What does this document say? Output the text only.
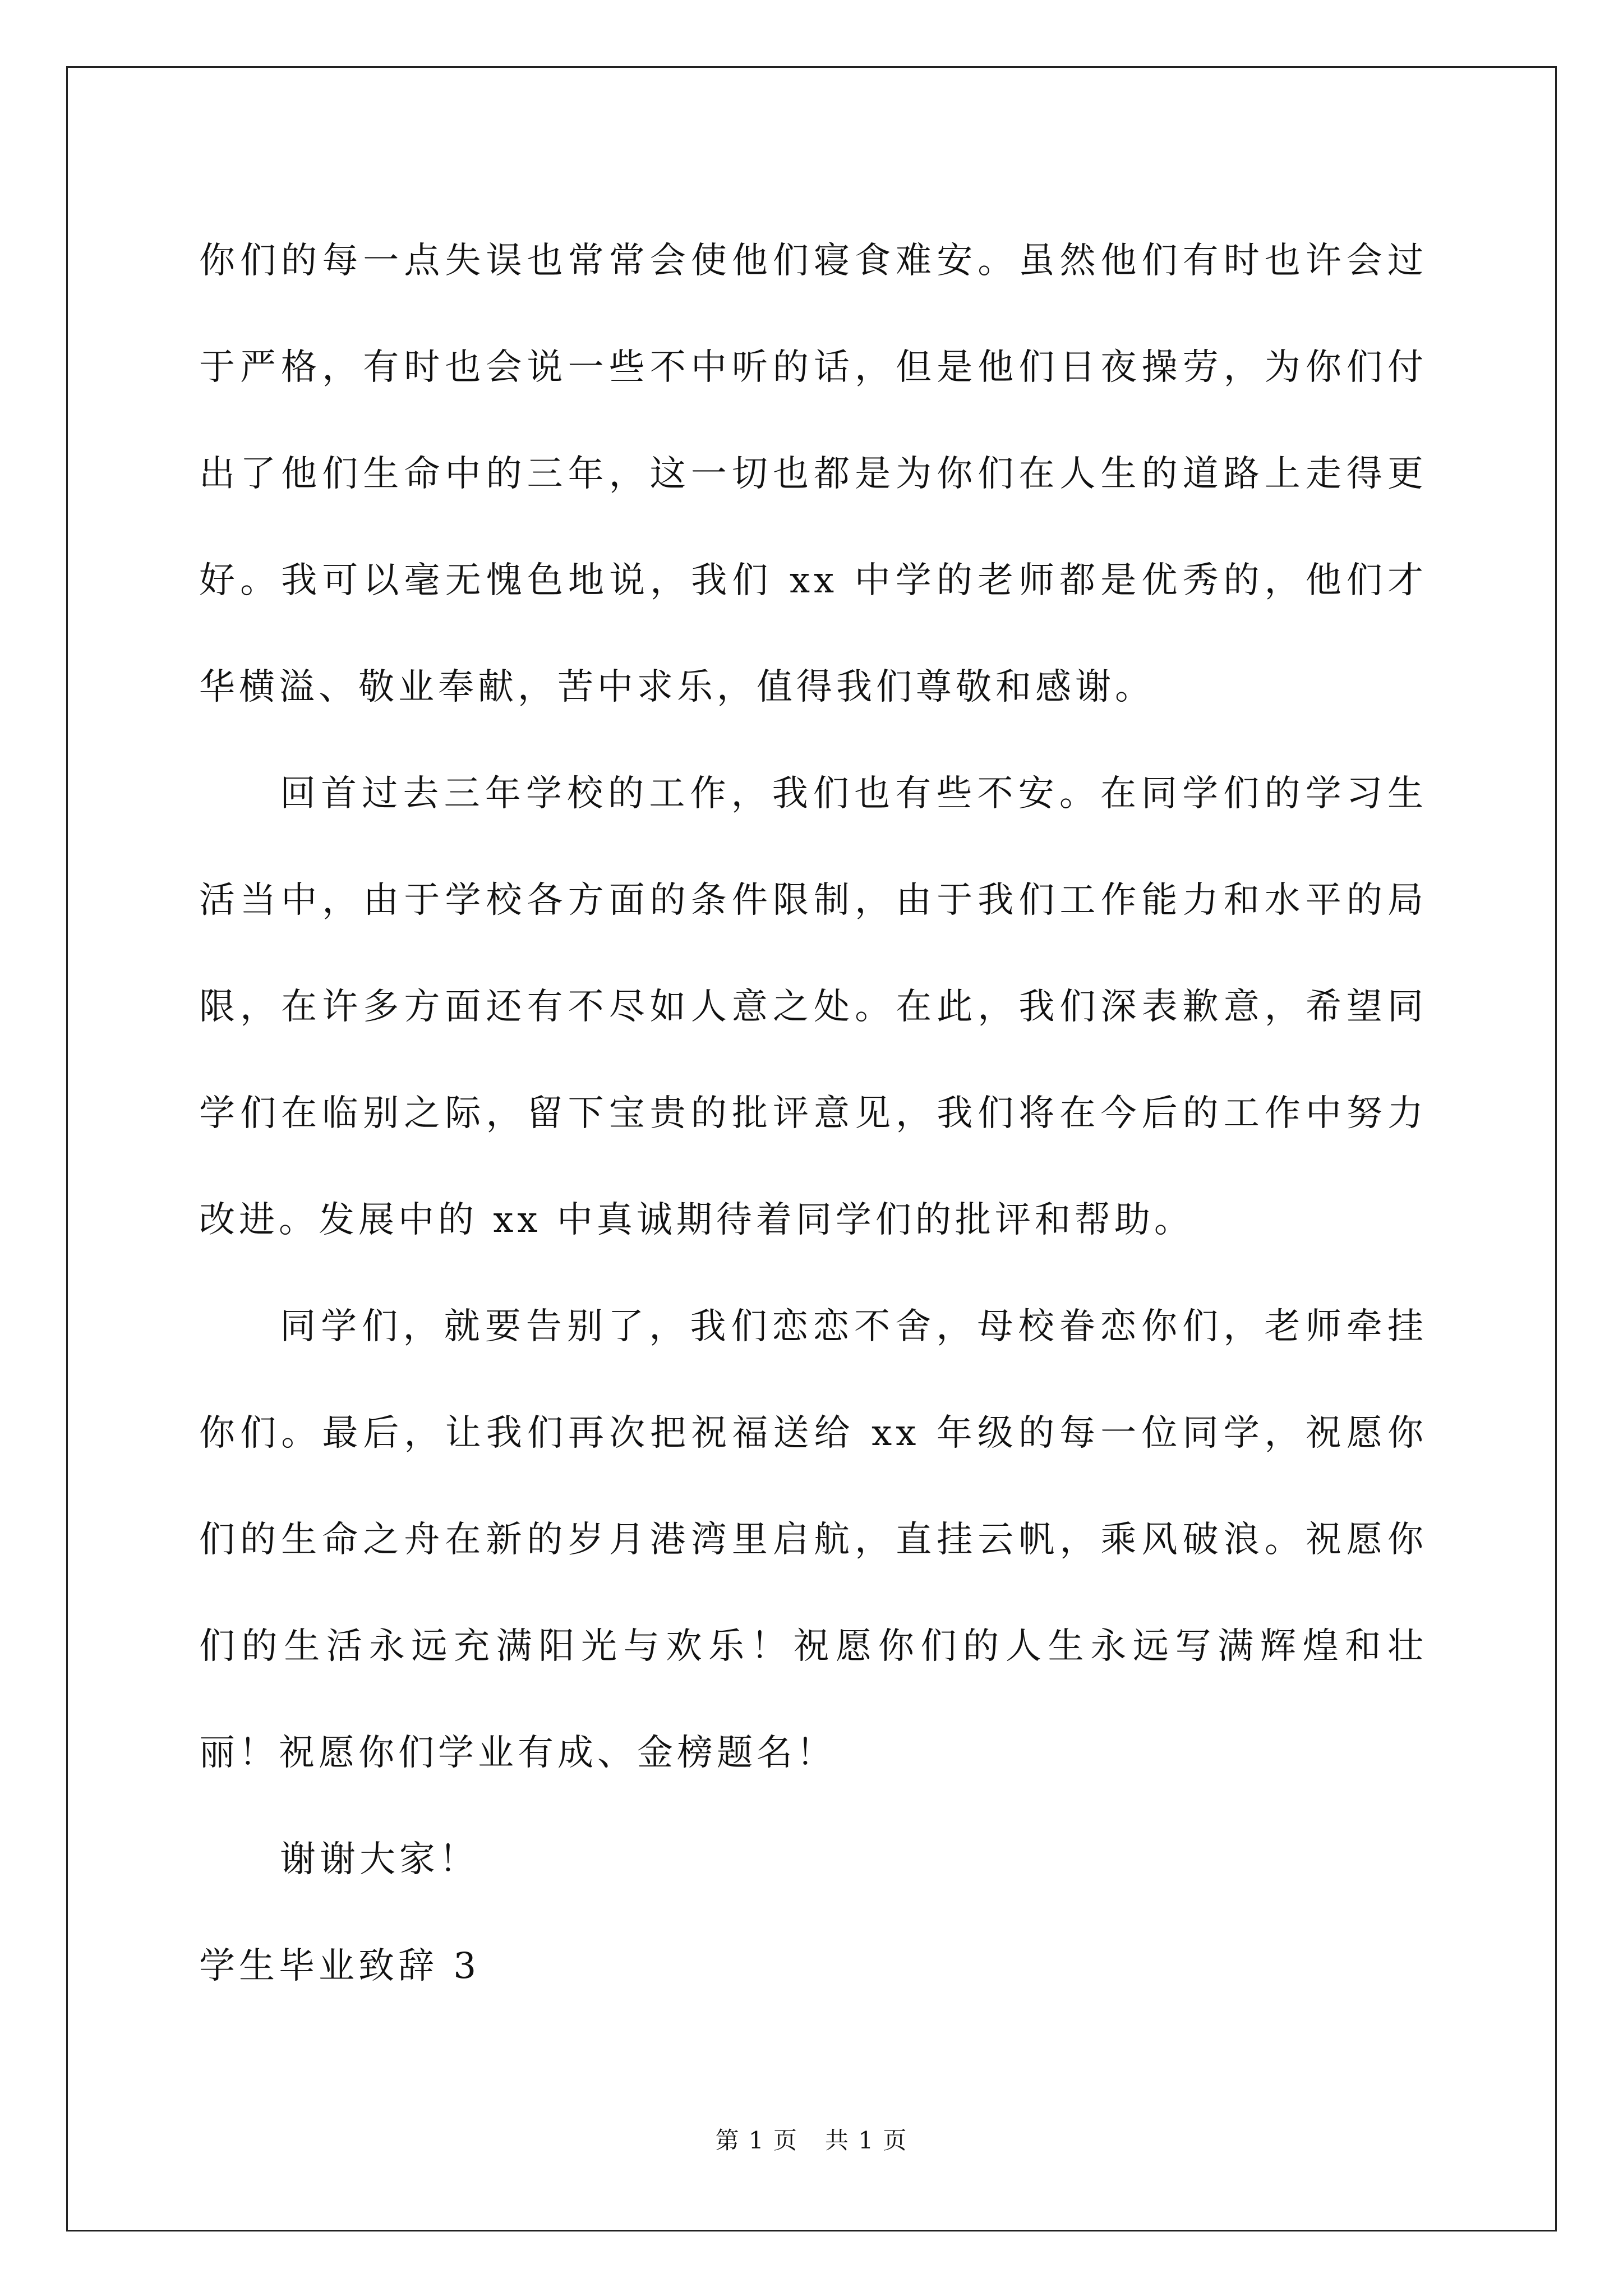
你们的每一点失误也常常会使他们寝食难安。虽然他们有时也许会过于严格，有时也会说一些不中听的话，但是他们日夜操劳，为你们付出了他们生命中的三年，这一切也都是为你们在人生的道路上走得更好。我可以毫无愧色地说，我们 xx 中学的老师都是优秀的，他们才华横溢、敬业奉献，苦中求乐，值得我们尊敬和感谢。

回首过去三年学校的工作，我们也有些不安。在同学们的学习生活当中，由于学校各方面的条件限制，由于我们工作能力和水平的局限，在许多方面还有不尽如人意之处。在此，我们深表歉意，希望同学们在临别之际，留下宝贵的批评意见，我们将在今后的工作中努力改进。发展中的 xx 中真诚期待着同学们的批评和帮助。

同学们，就要告别了，我们恋恋不舍，母校眷恋你们，老师牵挂你们。最后，让我们再次把祝福送给 xx 年级的每一位同学，祝愿你们的生命之舟在新的岁月港湾里启航，直挂云帆，乘风破浪。祝愿你们的生活永远充满阳光与欢乐！祝愿你们的人生永远写满辉煌和壮丽！祝愿你们学业有成、金榜题名！

谢谢大家！

学生毕业致辞 3

第 1 页 共 1 页
